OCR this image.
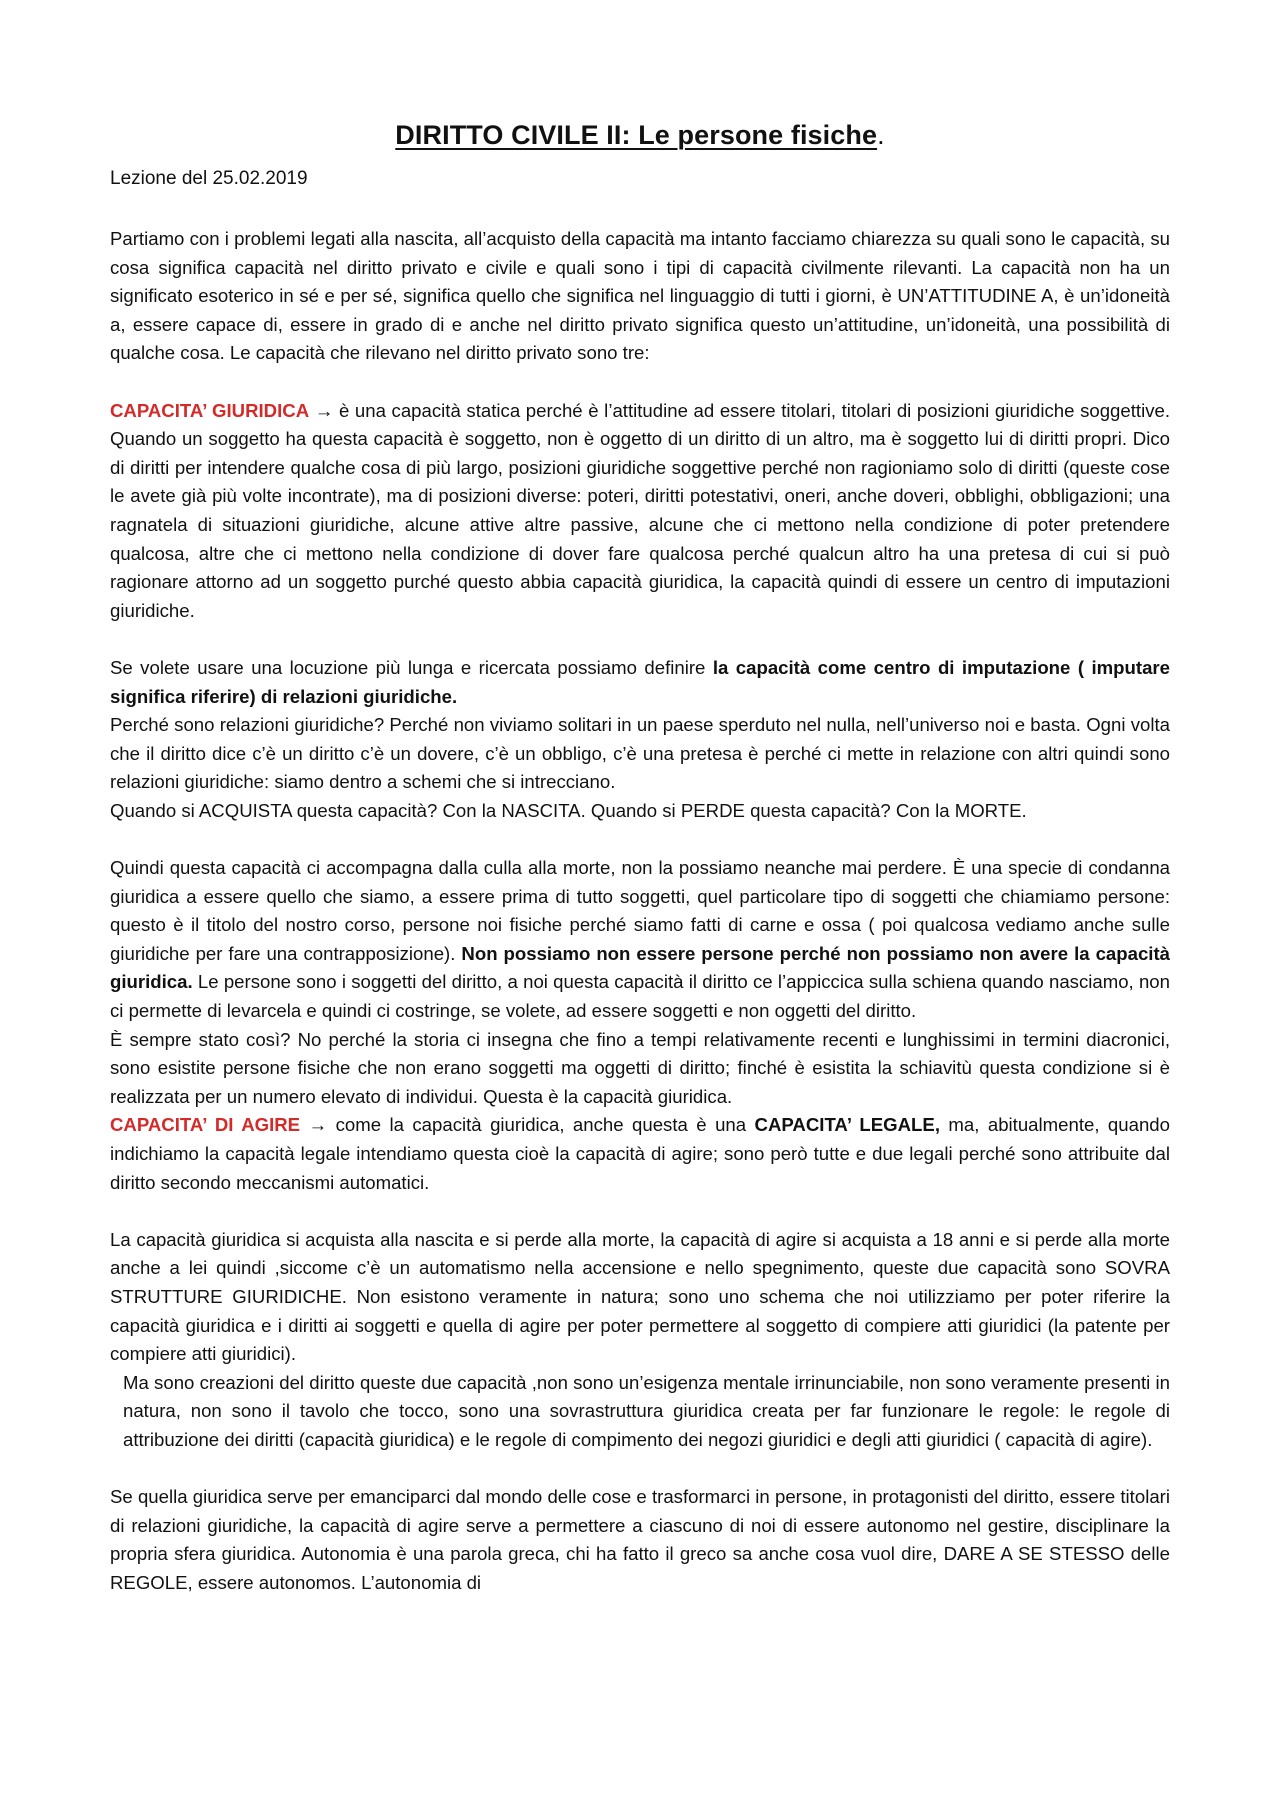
DIRITTO CIVILE II: Le persone fisiche.
Lezione del 25.02.2019

Partiamo con i problemi legati alla nascita, all’acquisto della capacità ma intanto facciamo chiarezza su quali sono le capacità, su cosa significa capacità nel diritto privato e civile e quali sono i tipi di capacità civilmente rilevanti. La capacità non ha un significato esoterico in sé e per sé, significa quello che significa nel linguaggio di tutti i giorni, è UN’ATTITUDINE A, è un’idoneità a, essere capace di, essere in grado di e anche nel diritto privato significa questo un’attitudine, un’idoneità, una possibilità di qualche cosa. Le capacità che rilevano nel diritto privato sono tre:

CAPACITA’ GIURIDICA → è una capacità statica perché è l’attitudine ad essere titolari, titolari di posizioni giuridiche soggettive. Quando un soggetto ha questa capacità è soggetto, non è oggetto di un diritto di un altro, ma è soggetto lui di diritti propri. Dico di diritti per intendere qualche cosa di più largo, posizioni giuridiche soggettive perché non ragioniamo solo di diritti (queste cose le avete già più volte incontrate), ma di posizioni diverse: poteri, diritti potestativi, oneri, anche doveri, obblighi, obbligazioni; una ragnatela di situazioni giuridiche, alcune attive altre passive, alcune che ci mettono nella condizione di poter pretendere qualcosa, altre che ci mettono nella condizione di dover fare qualcosa perché qualcun altro ha una pretesa di cui si può ragionare attorno ad un soggetto purché questo abbia capacità giuridica, la capacità quindi di essere un centro di imputazioni giuridiche.

Se volete usare una locuzione più lunga e ricercata possiamo definire la capacità come centro di imputazione ( imputare significa riferire) di relazioni giuridiche.

Perché sono relazioni giuridiche? Perché non viviamo solitari in un paese sperduto nel nulla, nell’universo noi e basta. Ogni volta che il diritto dice c’è un diritto c’è un dovere, c’è un obbligo, c’è una pretesa è perché ci mette in relazione con altri quindi sono relazioni giuridiche: siamo dentro a schemi che si intrecciano.

Quando si ACQUISTA questa capacità? Con la NASCITA. Quando si PERDE questa capacità? Con la MORTE.

Quindi questa capacità ci accompagna dalla culla alla morte, non la possiamo neanche mai perdere. È una specie di condanna giuridica a essere quello che siamo, a essere prima di tutto soggetti, quel particolare tipo di soggetti che chiamiamo persone: questo è il titolo del nostro corso, persone noi fisiche perché siamo fatti di carne e ossa ( poi qualcosa vediamo anche sulle giuridiche per fare una contrapposizione). Non possiamo non essere persone perché non possiamo non avere la capacità giuridica. Le persone sono i soggetti del diritto, a noi questa capacità il diritto ce l’appiccica sulla schiena quando nasciamo, non ci permette di levarcela e quindi ci costringe, se volete, ad essere soggetti e non oggetti del diritto.

È sempre stato così? No perché la storia ci insegna che fino a tempi relativamente recenti e lunghissimi in termini diacronici, sono esistite persone fisiche che non erano soggetti ma oggetti di diritto; finché è esistita la schiavitù questa condizione si è realizzata per un numero elevato di individui. Questa è la capacità giuridica.

CAPACITA’ DI AGIRE → come la capacità giuridica, anche questa è una CAPACITA’ LEGALE, ma, abitualmente, quando indichiamo la capacità legale intendiamo questa cioè la capacità di agire; sono però tutte e due legali perché sono attribuite dal diritto secondo meccanismi automatici.

La capacità giuridica si acquista alla nascita e si perde alla morte, la capacità di agire si acquista a 18 anni e si perde alla morte anche a lei quindi ,siccome c’è un automatismo nella accensione e nello spegnimento, queste due capacità sono SOVRA STRUTTURE GIURIDICHE. Non esistono veramente in natura; sono uno schema che noi utilizziamo per poter riferire la capacità giuridica e i diritti ai soggetti e quella di agire per poter permettere al soggetto di compiere atti giuridici (la patente per compiere atti giuridici).

Ma sono creazioni del diritto queste due capacità ,non sono un’esigenza mentale irrinunciabile, non sono veramente presenti in natura, non sono il tavolo che tocco, sono una sovrastruttura giuridica creata per far funzionare le regole: le regole di attribuzione dei diritti (capacità giuridica) e le regole di compimento dei negozi giuridici e degli atti giuridici ( capacità di agire).

Se quella giuridica serve per emanciparci dal mondo delle cose e trasformarci in persone, in protagonisti del diritto, essere titolari di relazioni giuridiche, la capacità di agire serve a permettere a ciascuno di noi di essere autonomo nel gestire, disciplinare la propria sfera giuridica. Autonomia è una parola greca, chi ha fatto il greco sa anche cosa vuol dire, DARE A SE STESSO delle REGOLE, essere autonomos. L’autonomia di
